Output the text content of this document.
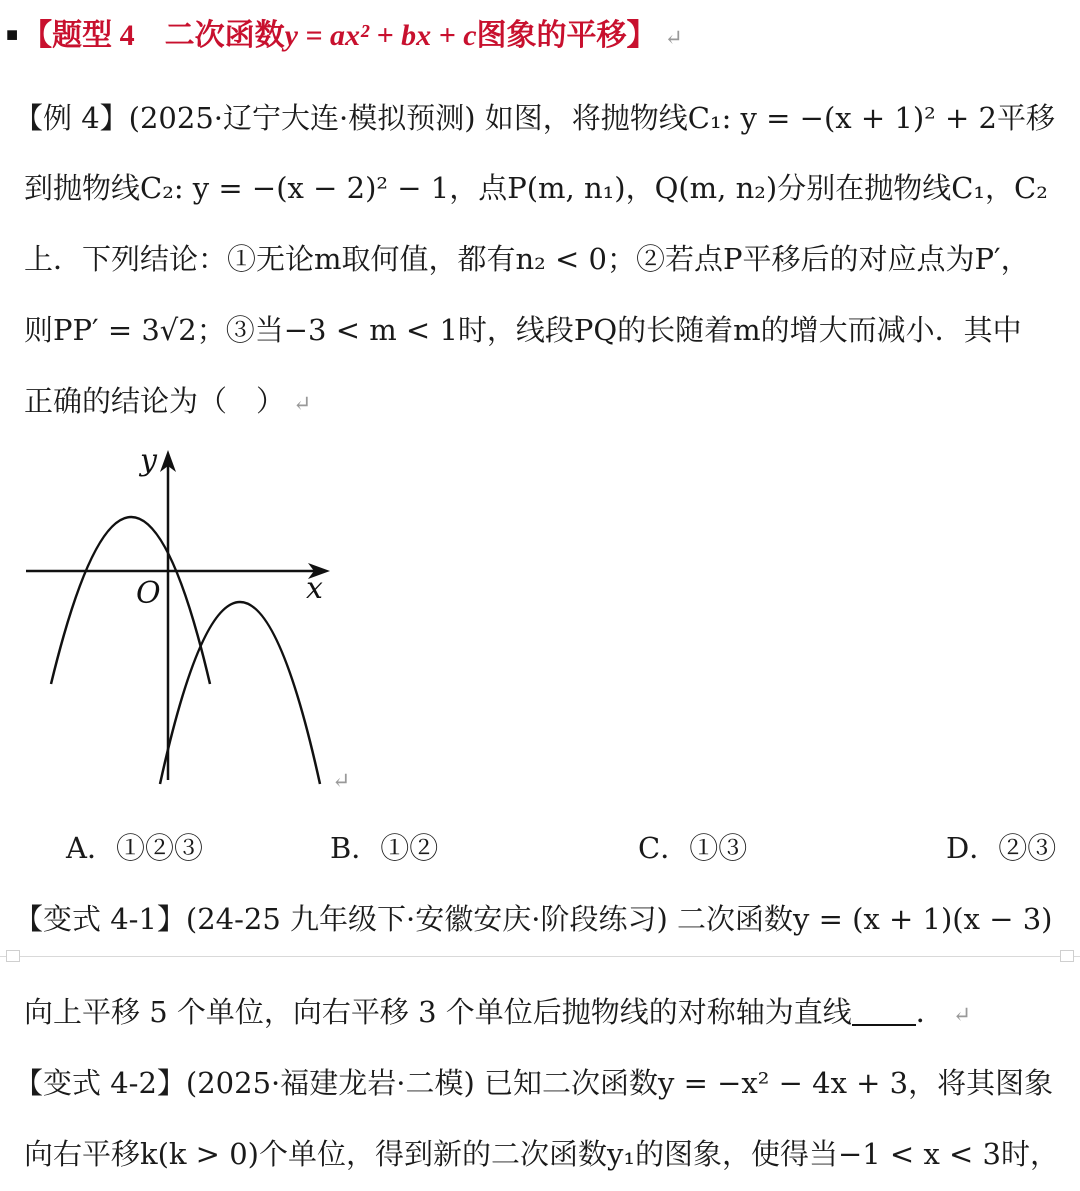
■ 【题型 4　二次函数y = ax² + bx + c图象的平移】 ↵
【例 4】(2025·辽宁大连·模拟预测) 如图，将抛物线C₁: y = −(x + 1)² + 2平移
到抛物线C₂: y = −(x − 2)² − 1，点P(m, n₁)，Q(m, n₂)分别在抛物线C₁，C₂
上．下列结论：①无论m取何值，都有n₂ < 0；②若点P平移后的对应点为P′，
则PP′ = 3√2；③当−3 < m < 1时，线段PQ的长随着m的增大而减小．其中
正确的结论为（　） ↵
y
x
O
↵
A．①②③	B．①②	C．①③	D．②③
【变式 4-1】(24-25 九年级下·安徽安庆·阶段练习) 二次函数y = (x + 1)(x − 3)
向上平移 5 个单位，向右平移 3 个单位后抛物线的对称轴为直线 ． ↵
【变式 4-2】(2025·福建龙岩·二模) 已知二次函数y = −x² − 4x + 3，将其图象
向右平移k(k > 0)个单位，得到新的二次函数y₁的图象，使得当−1 < x < 3时，
